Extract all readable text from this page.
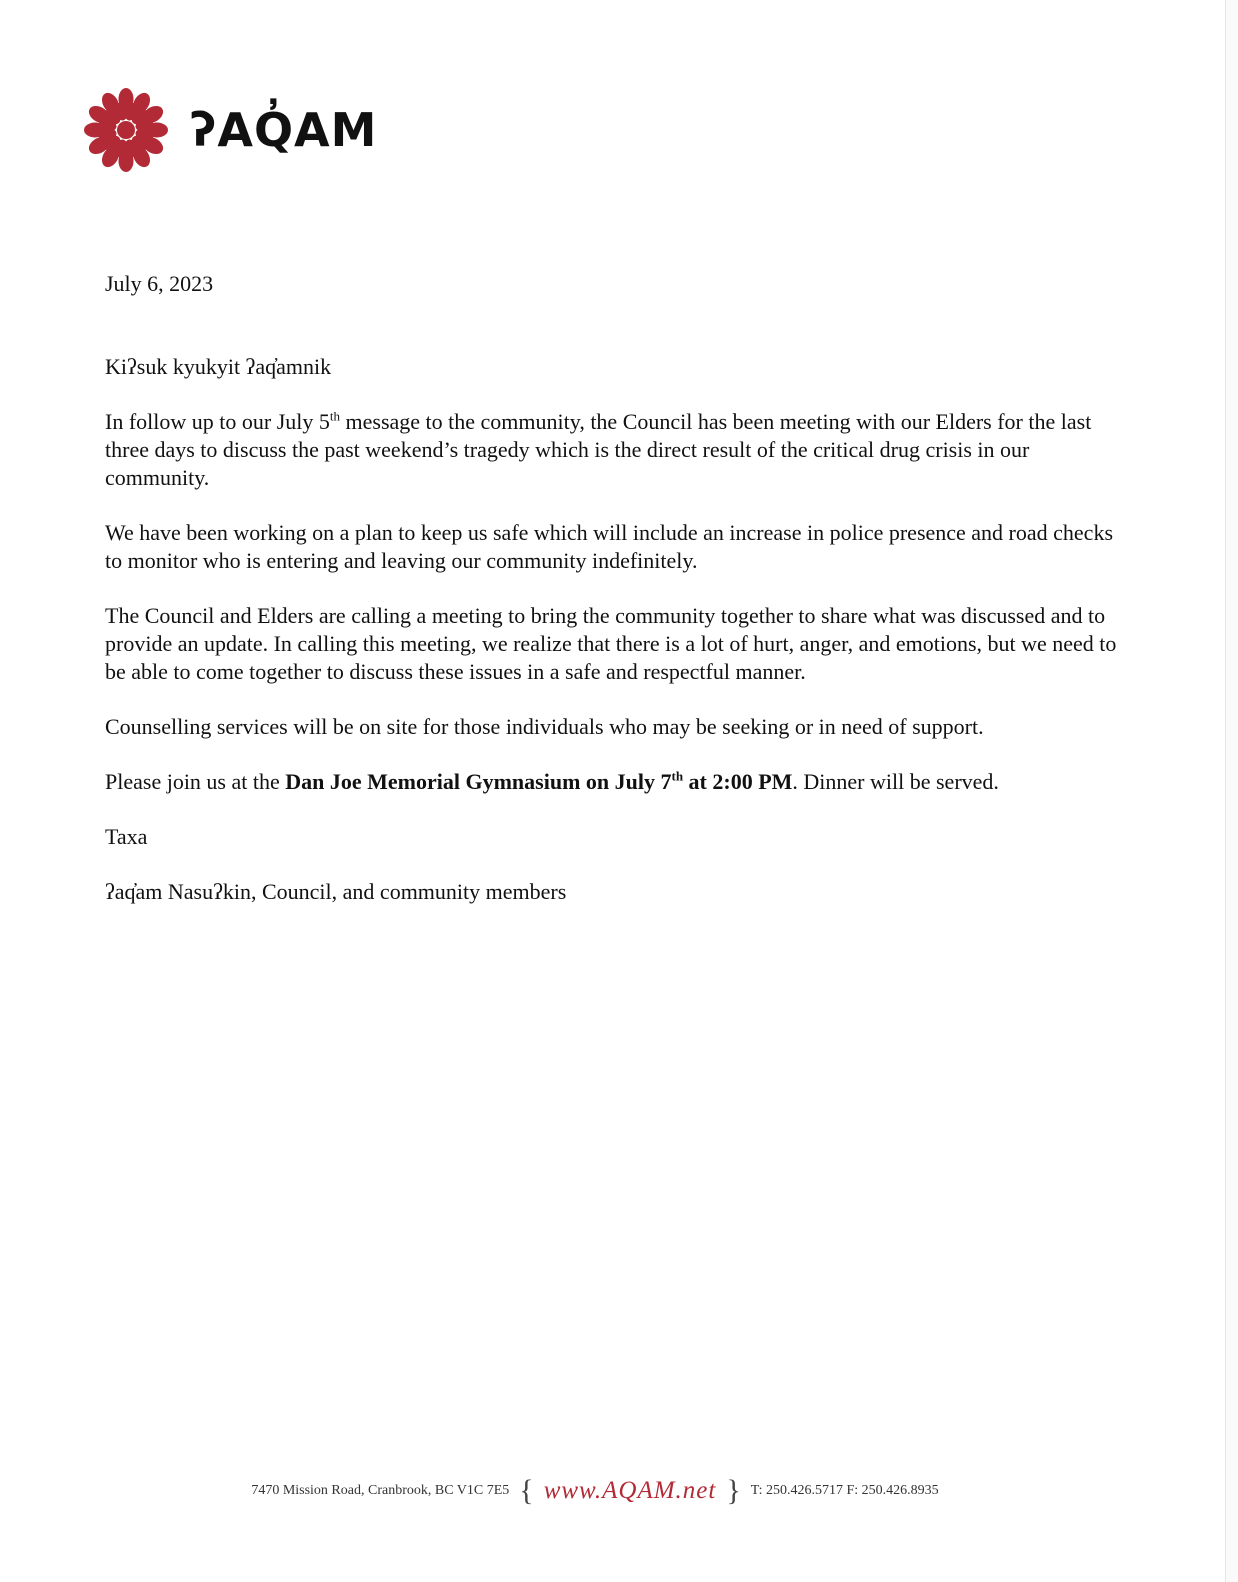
ʔAQ̓AM

July 6, 2023

Kiʔsuk kyukyit ʔaq̓amnik

In follow up to our July 5th message to the community, the Council has been meeting with our Elders for the last three days to discuss the past weekend’s tragedy which is the direct result of the critical drug crisis in our community.

We have been working on a plan to keep us safe which will include an increase in police presence and road checks to monitor who is entering and leaving our community indefinitely.

The Council and Elders are calling a meeting to bring the community together to share what was discussed and to provide an update. In calling this meeting, we realize that there is a lot of hurt, anger, and emotions, but we need to be able to come together to discuss these issues in a safe and respectful manner.

Counselling services will be on site for those individuals who may be seeking or in need of support.

Please join us at the Dan Joe Memorial Gymnasium on July 7th at 2:00 PM. Dinner will be served.

Taxa

ʔaq̓am Nasuʔkin, Council, and community members

7470 Mission Road, Cranbrook, BC V1C 7E5 { www.AQAM.net } T: 250.426.5717 F: 250.426.8935
